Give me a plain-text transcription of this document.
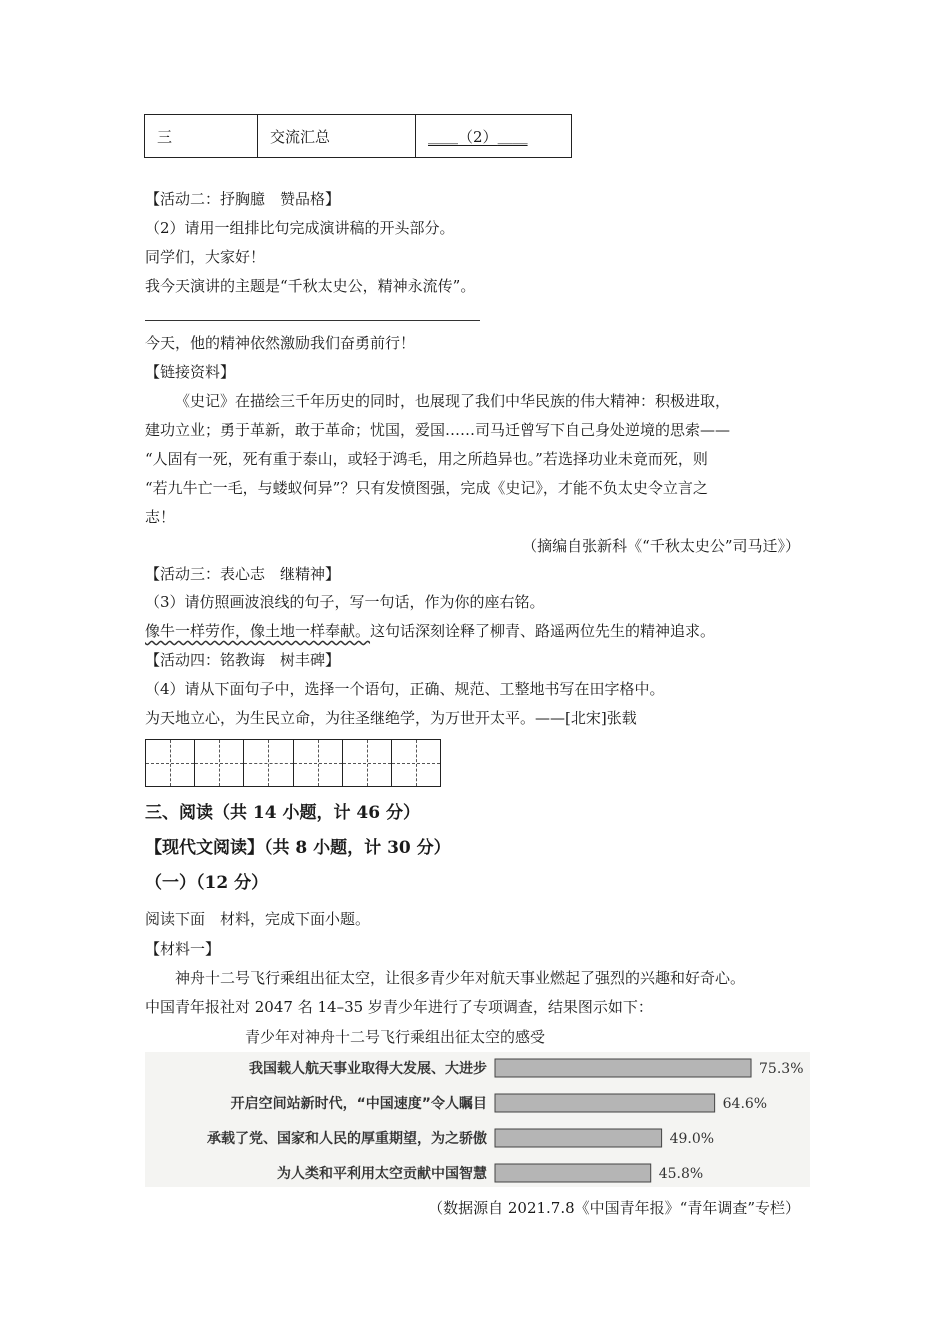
三	交流汇总	＿＿（2）＿＿
【活动二：抒胸臆　赞品格】
（2）请用一组排比句完成演讲稿的开头部分。
同学们，大家好！
我今天演讲的主题是“千秋太史公，精神永流传”。
今天，他的精神依然激励我们奋勇前行！
【链接资料】
《史记》在描绘三千年历史的同时，也展现了我们中华民族的伟大精神：积极进取，
建功立业；勇于革新，敢于革命；忧国，爱国……司马迁曾写下自己身处逆境的思索——
“人固有一死，死有重于泰山，或轻于鸿毛，用之所趋异也。”若选择功业未竟而死，则
“若九牛亡一毛，与蝼蚁何异”？只有发愤图强，完成《史记》，才能不负太史令立言之
志！
（摘编自张新科《“千秋太史公”司马迁》）
【活动三：表心志　继精神】
（3）请仿照画波浪线的句子，写一句话，作为你的座右铭。
像牛一样劳作，像土地一样奉献。这句话深刻诠释了柳青、路遥两位先生的精神追求。
【活动四：铭教诲　树丰碑】
（4）请从下面句子中，选择一个语句，正确、规范、工整地书写在田字格中。
为天地立心，为生民立命，为往圣继绝学，为万世开太平。——[北宋]张载
三、阅读（共 14 小题，计 46 分）
【现代文阅读】（共 8 小题，计 30 分）
（一）（12 分）
阅读下面　材料，完成下面小题。
【材料一】
神舟十二号飞行乘组出征太空，让很多青少年对航天事业燃起了强烈的兴趣和好奇心。
中国青年报社对 2047 名 14–35 岁青少年进行了专项调查，结果图示如下：
青少年对神舟十二号飞行乘组出征太空的感受
我国载人航天事业取得大发展、大进步	75.3%
开启空间站新时代，“中国速度”令人瞩目	64.6%
承载了党、国家和人民的厚重期望，为之骄傲	49.0%
为人类和平利用太空贡献中国智慧	45.8%
（数据源自 2021.7.8《中国青年报》“青年调查”专栏）
